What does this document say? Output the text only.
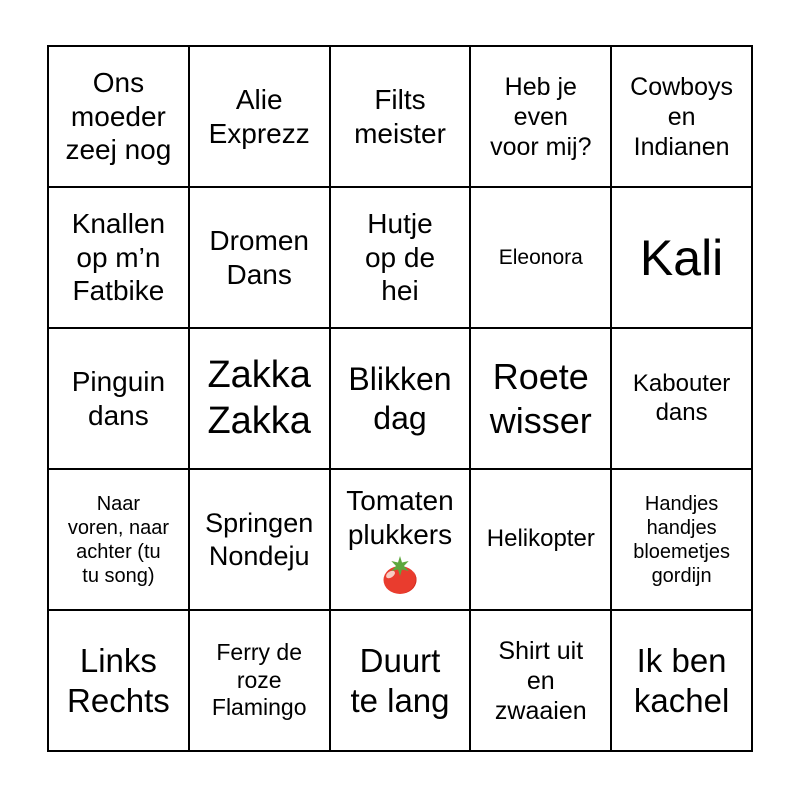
Ons
moeder
zeej nog
Alie
Exprezz
Filts
meister
Heb je
even
voor mij?
Cowboys
en
Indianen
Knallen
op m’n
Fatbike
Dromen
Dans
Hutje
op de
hei
Eleonora Kali
Pinguin
dans
Zakka
Zakka
Blikken
dag
Roete
wisser
Kabouter
dans
Naar
voren, naar
achter (tu
tu song)
Springen
Nondeju
Tomaten
plukkers Helikopter
Handjes
handjes
bloemetjes
gordijn
Links
Rechts
Ferry de
roze
Flamingo
Duurt
te lang
Shirt uit
en
zwaaien
Ik ben
kachel
